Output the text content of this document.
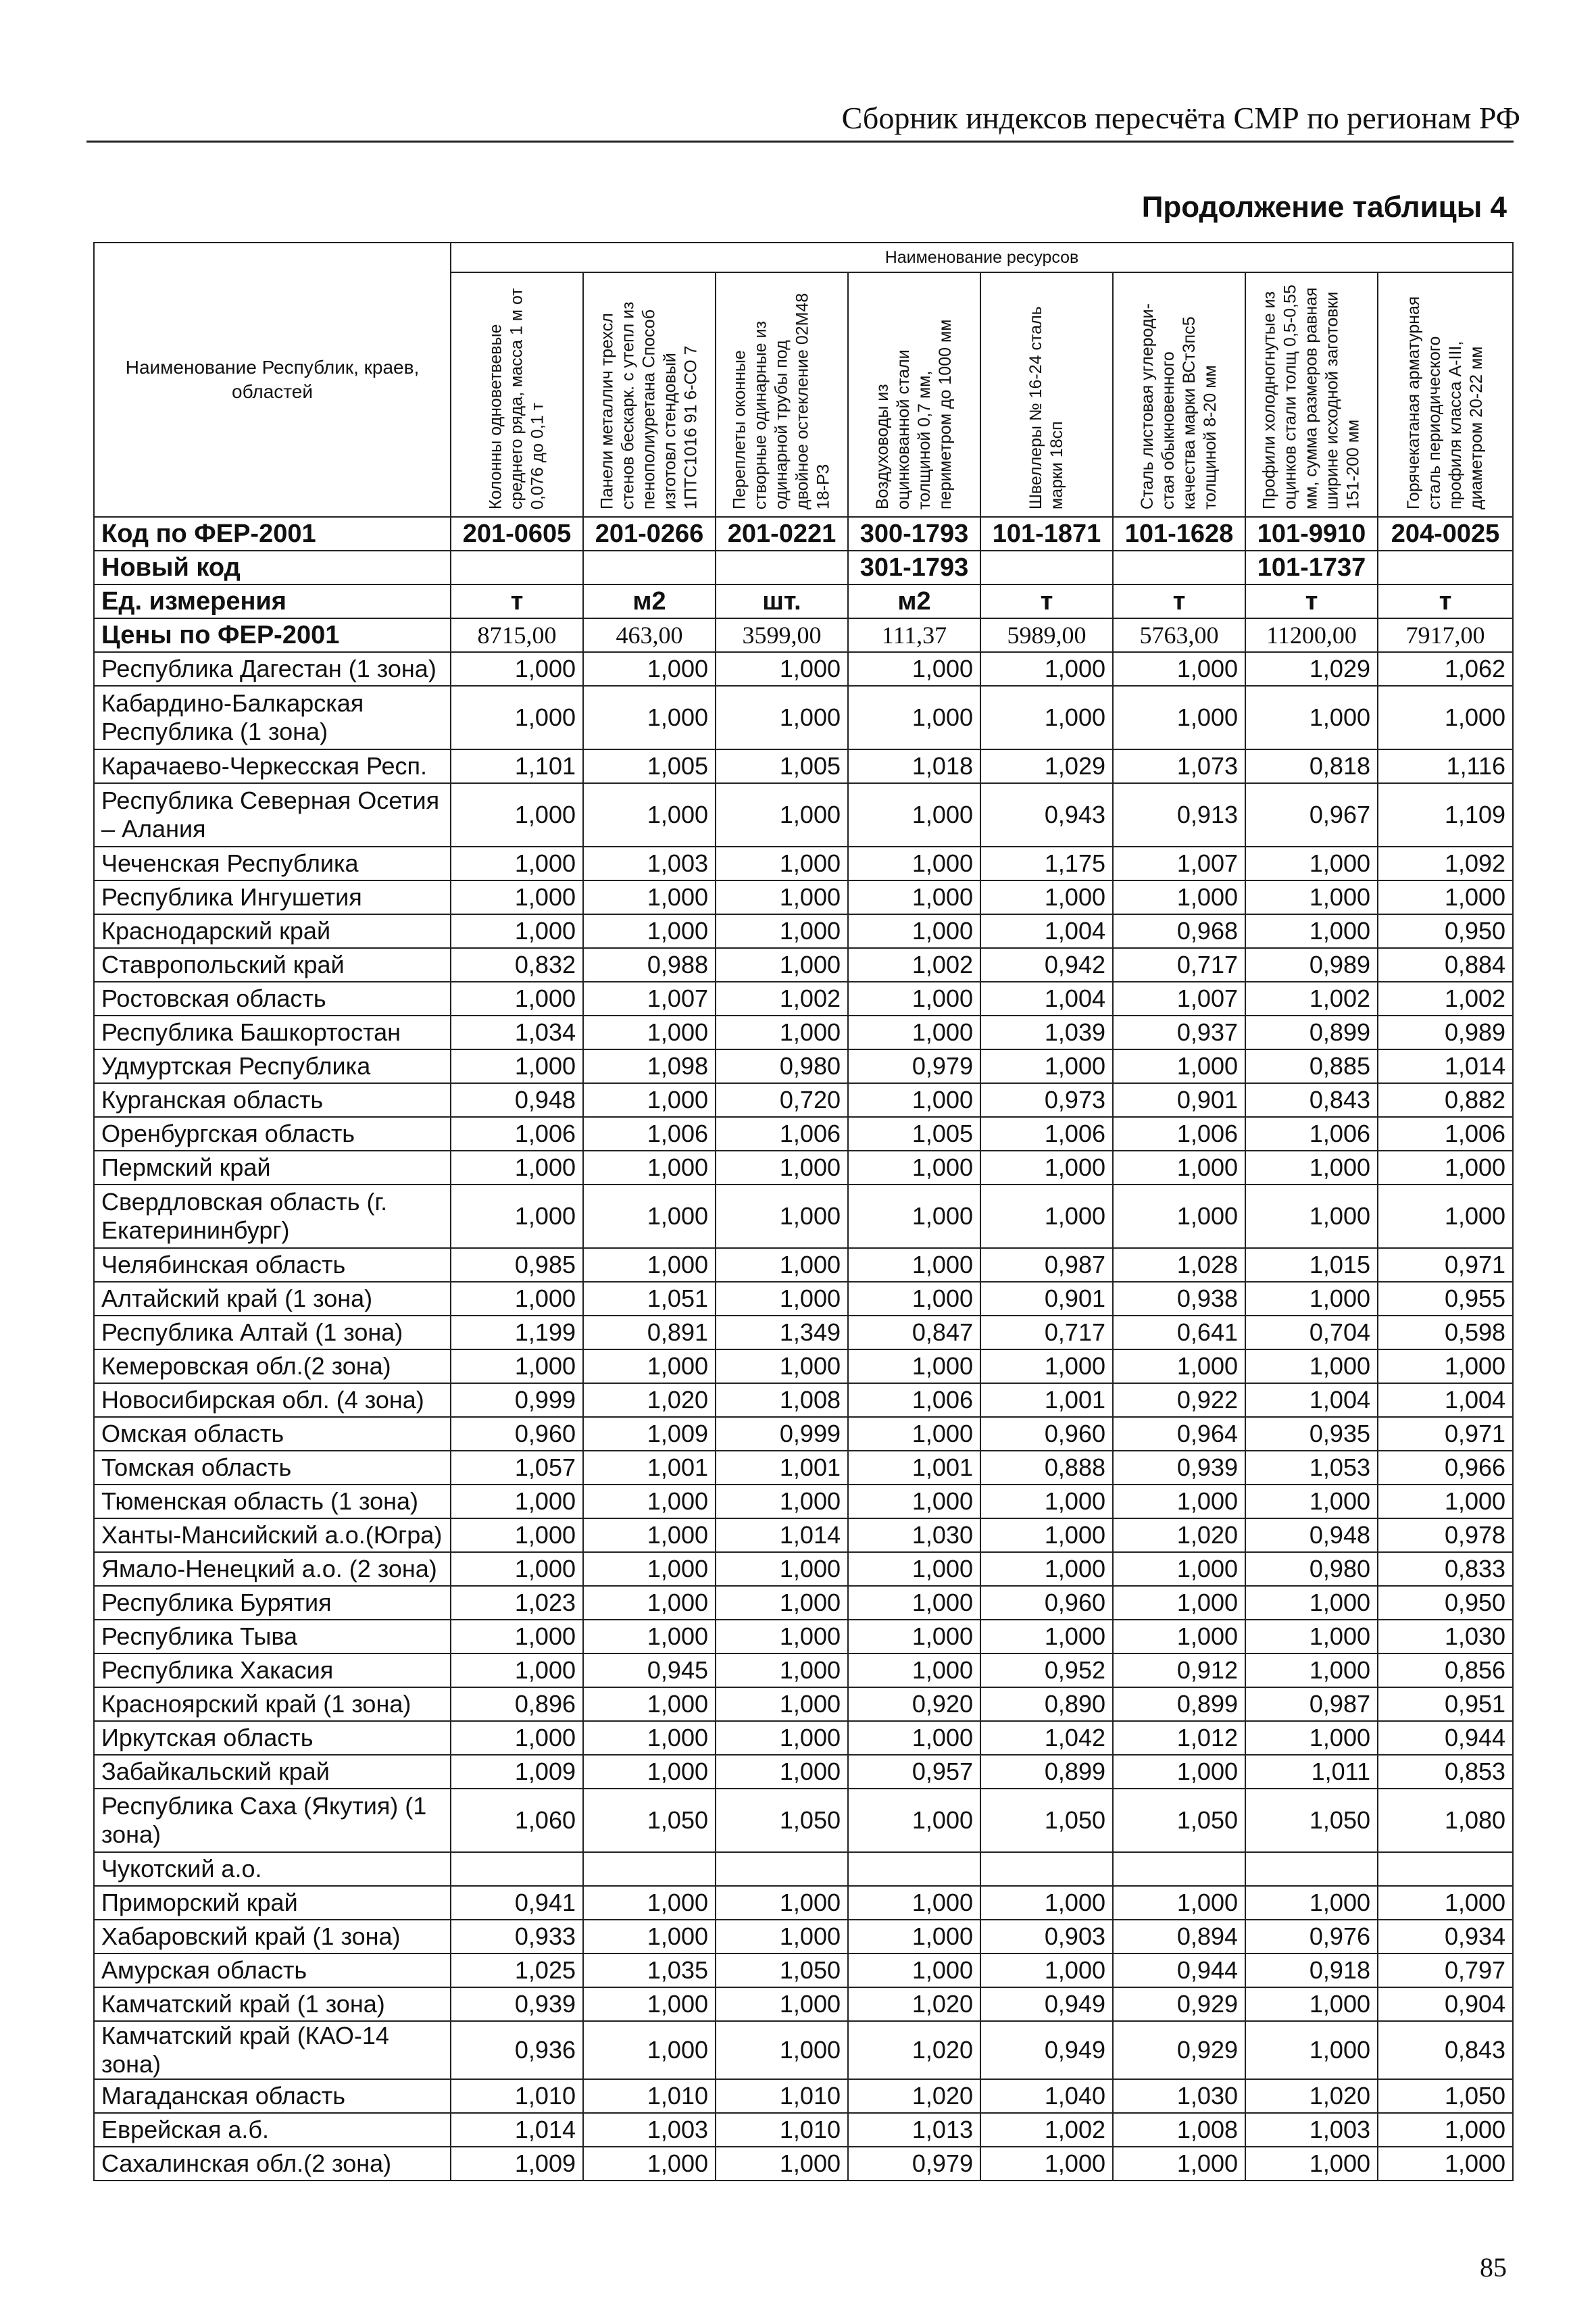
Сборник индексов пересчёта СМР по регионам РФ
Продолжение таблицы 4
Наименование Республик, краев, областей	Наименование ресурсов							

	Колонны одноветвевые среднего ряда, масса 1 м от 0,076 до 0,1 т	Панели металлич трехсл стенов бескарк. с утепл из пенополиуретана Способ изготовл стендовый 1ПТС1016 91 6-СО 7	Переплеты оконные створные одинарные из одинарной трубы под двойное остекление 02М48 18-РЗ	Воздуховоды из оцинкованной стали толщиной 0,7 мм, периметром до 1000 мм	Швеллеры № 16-24 сталь марки 18сп	Сталь листовая углероди-стая обыкновенного качества марки ВСт3пс5 толщиной 8-20 мм	Профили холодногнутые из оцинков стали толщ 0,5-0,55 мм, сумма размеров равная ширине исходной заготовки 151-200 мм	Горячекатаная арматурная сталь периодического профиля класса А-III, диаметром 20-22 мм

Код по ФЕР-2001	201-0605	201-0266	201-0221	300-1793	101-1871	101-1628	101-9910	204-0025
Новый код				301-1793			101-1737	
Ед. измерения	т	м2	шт.	м2	т	т	т	т
Цены по ФЕР-2001	8715,00	463,00	3599,00	111,37	5989,00	5763,00	11200,00	7917,00
Республика Дагестан (1 зона)	1,000	1,000	1,000	1,000	1,000	1,000	1,029	1,062
Кабардино-Балкарская Республика (1 зона)	1,000	1,000	1,000	1,000	1,000	1,000	1,000	1,000
Карачаево-Черкесская Респ.	1,101	1,005	1,005	1,018	1,029	1,073	0,818	1,116
Республика Северная Осетия – Алания	1,000	1,000	1,000	1,000	0,943	0,913	0,967	1,109
Чеченская Республика	1,000	1,003	1,000	1,000	1,175	1,007	1,000	1,092
Республика Ингушетия	1,000	1,000	1,000	1,000	1,000	1,000	1,000	1,000
Краснодарский край	1,000	1,000	1,000	1,000	1,004	0,968	1,000	0,950
Ставропольский край	0,832	0,988	1,000	1,002	0,942	0,717	0,989	0,884
Ростовская область	1,000	1,007	1,002	1,000	1,004	1,007	1,002	1,002
Республика Башкортостан	1,034	1,000	1,000	1,000	1,039	0,937	0,899	0,989
Удмуртская Республика	1,000	1,098	0,980	0,979	1,000	1,000	0,885	1,014
Курганская область	0,948	1,000	0,720	1,000	0,973	0,901	0,843	0,882
Оренбургская область	1,006	1,006	1,006	1,005	1,006	1,006	1,006	1,006
Пермский край	1,000	1,000	1,000	1,000	1,000	1,000	1,000	1,000
Свердловская область (г. Екатерининбург)	1,000	1,000	1,000	1,000	1,000	1,000	1,000	1,000
Челябинская область	0,985	1,000	1,000	1,000	0,987	1,028	1,015	0,971
Алтайский край (1 зона)	1,000	1,051	1,000	1,000	0,901	0,938	1,000	0,955
Республика Алтай (1 зона)	1,199	0,891	1,349	0,847	0,717	0,641	0,704	0,598
Кемеровская обл.(2 зона)	1,000	1,000	1,000	1,000	1,000	1,000	1,000	1,000
Новосибирская обл. (4 зона)	0,999	1,020	1,008	1,006	1,001	0,922	1,004	1,004
Омская область	0,960	1,009	0,999	1,000	0,960	0,964	0,935	0,971
Томская область	1,057	1,001	1,001	1,001	0,888	0,939	1,053	0,966
Тюменская область (1 зона)	1,000	1,000	1,000	1,000	1,000	1,000	1,000	1,000
Ханты-Мансийский а.о.(Югра)	1,000	1,000	1,014	1,030	1,000	1,020	0,948	0,978
Ямало-Ненецкий а.о. (2 зона)	1,000	1,000	1,000	1,000	1,000	1,000	0,980	0,833
Республика Бурятия	1,023	1,000	1,000	1,000	0,960	1,000	1,000	0,950
Республика Тыва	1,000	1,000	1,000	1,000	1,000	1,000	1,000	1,030
Республика Хакасия	1,000	0,945	1,000	1,000	0,952	0,912	1,000	0,856
Красноярский край (1 зона)	0,896	1,000	1,000	0,920	0,890	0,899	0,987	0,951
Иркутская область	1,000	1,000	1,000	1,000	1,042	1,012	1,000	0,944
Забайкальский край	1,009	1,000	1,000	0,957	0,899	1,000	1,011	0,853
Республика Саха (Якутия) (1 зона)	1,060	1,050	1,050	1,000	1,050	1,050	1,050	1,080
Чукотский а.о.								
Приморский край	0,941	1,000	1,000	1,000	1,000	1,000	1,000	1,000
Хабаровский край (1 зона)	0,933	1,000	1,000	1,000	0,903	0,894	0,976	0,934
Амурская область	1,025	1,035	1,050	1,000	1,000	0,944	0,918	0,797
Камчатский край (1 зона)	0,939	1,000	1,000	1,020	0,949	0,929	1,000	0,904
Камчатский край (КАО-14 зона)	0,936	1,000	1,000	1,020	0,949	0,929	1,000	0,843
Магаданская область	1,010	1,010	1,010	1,020	1,040	1,030	1,020	1,050
Еврейская а.б.	1,014	1,003	1,010	1,013	1,002	1,008	1,003	1,000
Сахалинская обл.(2 зона)	1,009	1,000	1,000	0,979	1,000	1,000	1,000	1,000
85
